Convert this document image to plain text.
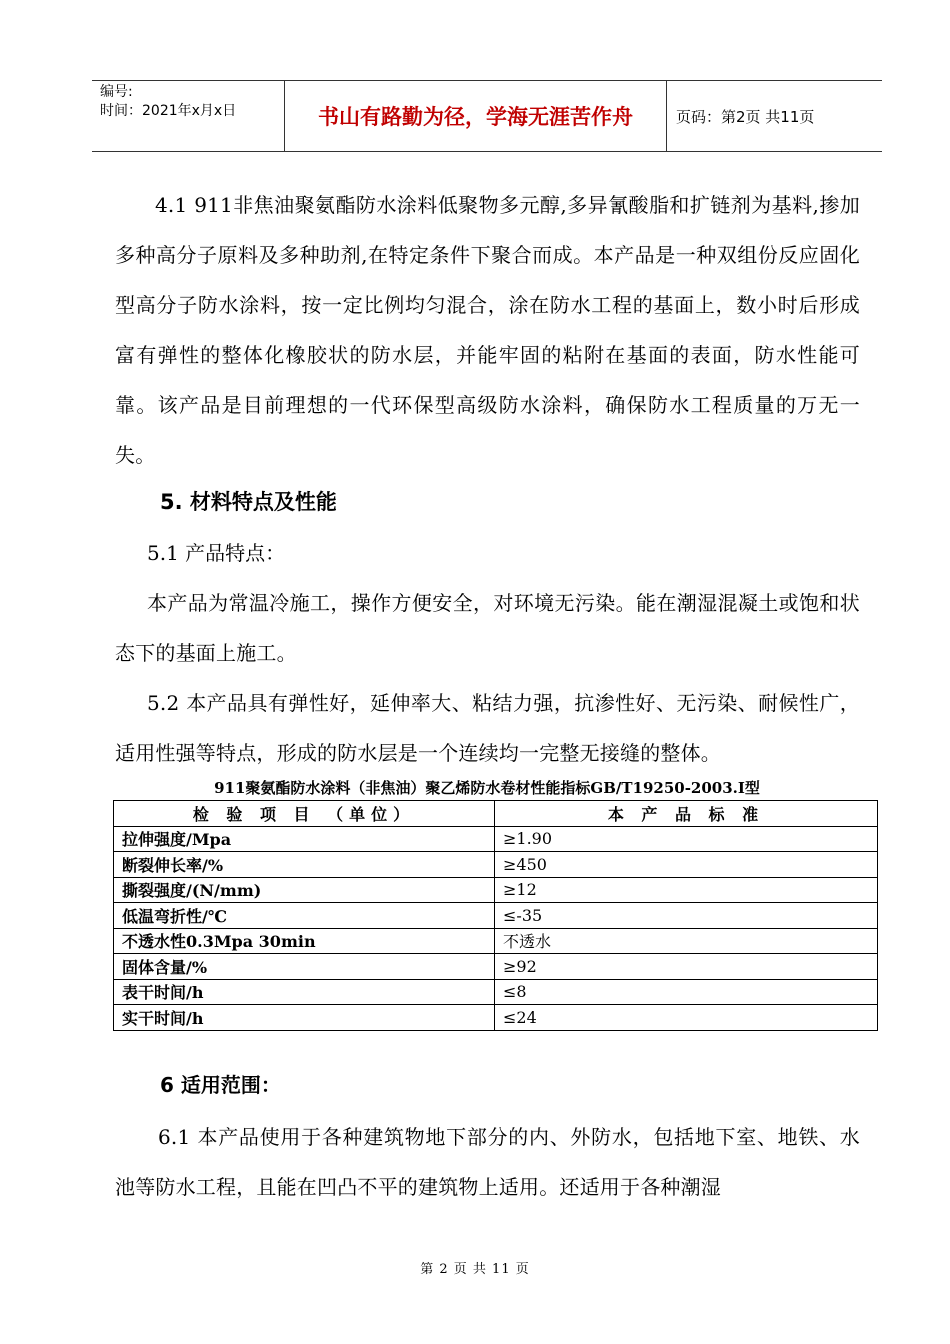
编号:
时间：2021年x月x日	书山有路勤为径，学海无涯苦作舟	页码：第2页 共11页
4.1 911非焦油聚氨酯防水涂料低聚物多元醇,多异氰酸脂和扩链剂为基料,掺加多种高分子原料及多种助剂,在特定条件下聚合而成。本产品是一种双组份反应固化型高分子防水涂料，按一定比例均匀混合，涂在防水工程的基面上，数小时后形成富有弹性的整体化橡胶状的防水层，并能牢固的粘附在基面的表面，防水性能可靠。该产品是目前理想的一代环保型高级防水涂料，确保防水工程质量的万无一失。
5. 材料特点及性能
5.1 产品特点：
本产品为常温冷施工，操作方便安全，对环境无污染。能在潮湿混凝土或饱和状态下的基面上施工。
5.2 本产品具有弹性好，延伸率大、粘结力强，抗渗性好、无污染、耐候性广，适用性强等特点，形成的防水层是一个连续均一完整无接缝的整体。
911聚氨酯防水涂料（非焦油）聚乙烯防水卷材性能指标GB/T19250-2003.I型
检 验 项 目 （单位）	本 产 品 标 准
拉伸强度/Mpa	≥1.90
断裂伸长率/%	≥450
撕裂强度/(N/mm)	≥12
低温弯折性/℃	≤-35
不透水性0.3Mpa 30min	不透水
固体含量/%	≥92
表干时间/h	≤8
实干时间/h	≤24
6 适用范围：
6.1 本产品使用于各种建筑物地下部分的内、外防水，包括地下室、地铁、水池等防水工程，且能在凹凸不平的建筑物上适用。还适用于各种潮湿
第 2 页 共 11 页
